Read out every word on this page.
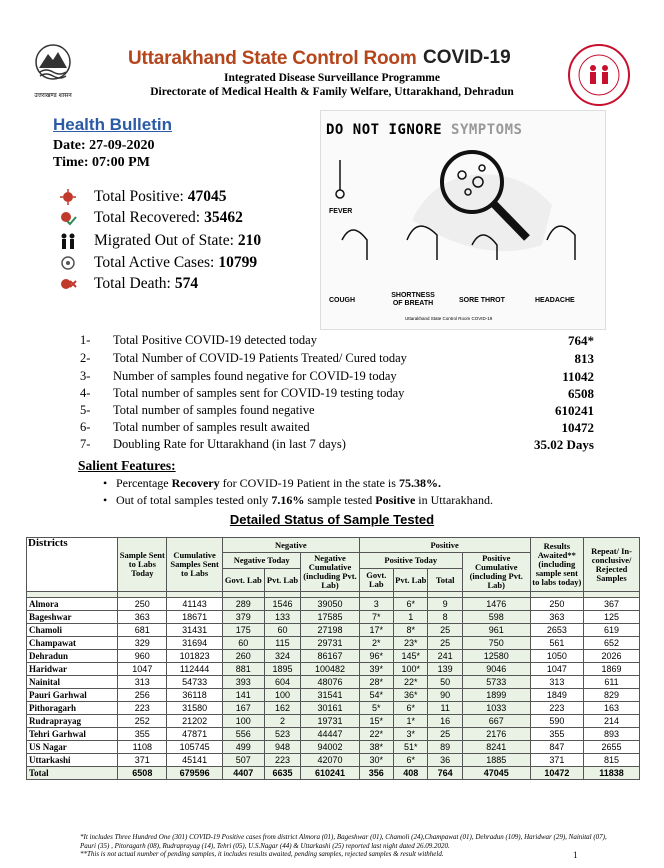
उत्तराखण्ड शासन
Uttarakhand State Control Room COVID-19
Integrated Disease Surveillance Programme
Directorate of Medical Health & Family Welfare, Uttarakhand, Dehradun
Health Bulletin
Date: 27-09-2020
Time: 07:00 PM
Total Positive: 47045
Total Recovered: 35462
Migrated Out of State: 210
Total Active Cases: 10799
Total Death: 574
DO NOT IGNORE SYMPTOMS
FEVER
COUGH
SHORTNESS OF BREATH	SORE THROT	HEADACHE
Uttarakhand State Control Room COVID-19
1- Total Positive COVID-19 detected today	764*
2- Total Number of COVID-19 Patients Treated/ Cured today	813
3- Number of samples found negative for COVID-19 today	11042
4- Total number of samples sent for COVID-19 testing today	6508
5- Total number of samples found negative	610241
6- Total number of samples result awaited	10472
7- Doubling Rate for Uttarakhand (in last 7 days)	35.02 Days
Salient Features:
• Percentage Recovery for COVID-19 Patient in the state is 75.38%.
• Out of total samples tested only 7.16% sample tested Positive in Uttarakhand.
Detailed Status of Sample Tested
Districts	Sample Sent to Labs Today	Cumulative Samples Sent to Labs	Negative			Positive				Results Awaited** (including sample sent to labs today)	Repeat/ In-conclusive/ Rejected Samples
			Negative Today		Negative Cumulative (including Pvt. Lab)	Positive Today			Positive Cumulative (including Pvt. Lab)		
			Govt. Lab	Pvt. Lab		Govt. Lab	Pvt. Lab	Total			

Almora	250	41143	289	1546	39050	3	6*	9	1476	250	367
Bageshwar	363	18671	379	133	17585	7*	1	8	598	363	125
Chamoli	681	31431	175	60	27198	17*	8*	25	961	2653	619
Champawat	329	31694	60	115	29731	2*	23*	25	750	561	652
Dehradun	960	101823	260	324	86167	96*	145*	241	12580	1050	2026
Haridwar	1047	112444	881	1895	100482	39*	100*	139	9046	1047	1869
Nainital	313	54733	393	604	48076	28*	22*	50	5733	313	611
Pauri Garhwal	256	36118	141	100	31541	54*	36*	90	1899	1849	829
Pithoragarh	223	31580	167	162	30161	5*	6*	11	1033	223	163
Rudraprayag	252	21202	100	2	19731	15*	1*	16	667	590	214
Tehri Garhwal	355	47871	556	523	44447	22*	3*	25	2176	355	893
US Nagar	1108	105745	499	948	94002	38*	51*	89	8241	847	2655
Uttarkashi	371	45141	507	223	42070	30*	6*	36	1885	371	815
Total	6508	679596	4407	6635	610241	356	408	764	47045	10472	11838
*It includes Three Hundred One (301) COVID-19 Positive cases from district Almora (01), Bageshwar (01), Chamoli (24),Champawat (01), Dehradun (109), Haridwar (29), Nainital (07), Pauri (35) , Pitoragarh (08), Rudraprayag (14), Tehri (05), U.S.Nagar (44) & Uttarkashi (25) reported last night dated 26.09.2020.
**This is not actual number of pending samples, it includes results awaited, pending samples, rejected samples & result withheld.	1
